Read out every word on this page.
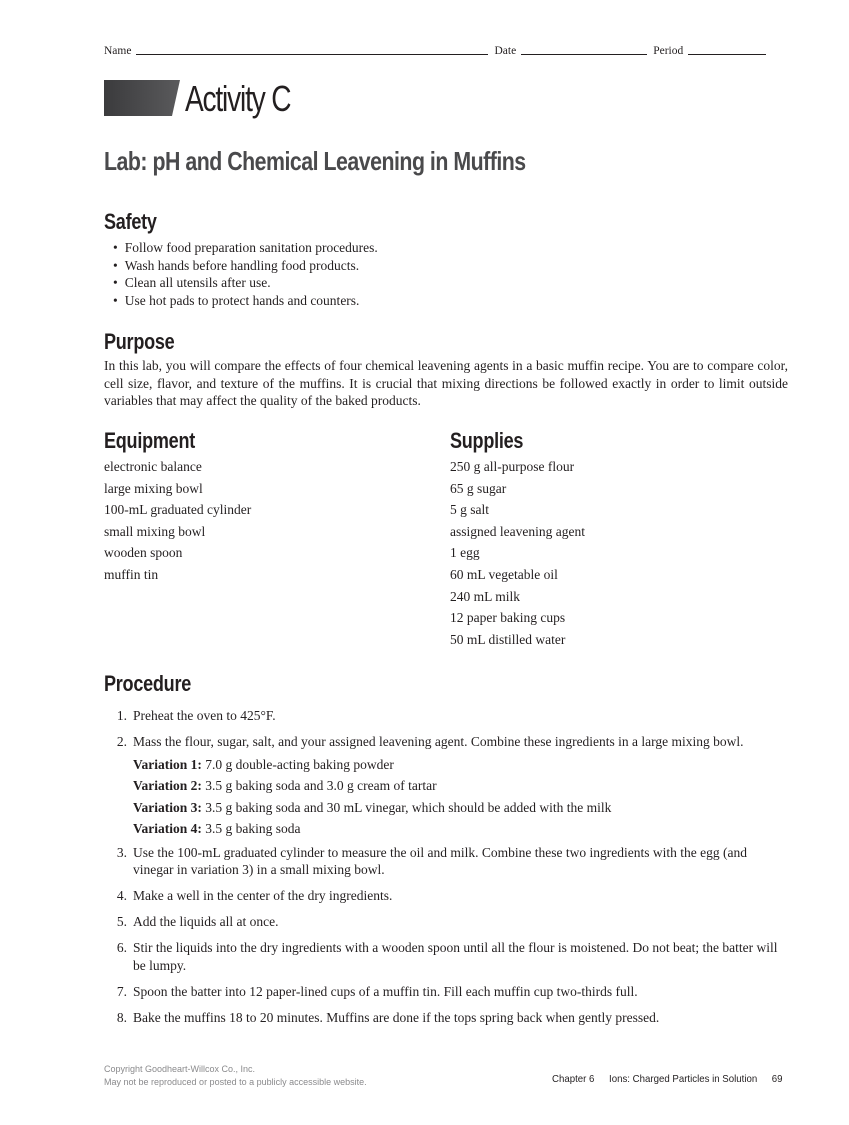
Name	Date	Period
Activity C
Lab: pH and Chemical Leavening in Muffins
Safety
• Follow food preparation sanitation procedures.
• Wash hands before handling food products.
• Clean all utensils after use.
• Use hot pads to protect hands and counters.
Purpose
In this lab, you will compare the effects of four chemical leavening agents in a basic muffin recipe. You are to compare color, cell size, flavor, and texture of the muffins. It is crucial that mixing directions be followed exactly in order to limit outside variables that may affect the quality of the baked products.
Equipment
electronic balance
large mixing bowl
100-mL graduated cylinder
small mixing bowl
wooden spoon
muffin tin
Supplies
250 g all-purpose flour
65 g sugar
5 g salt
assigned leavening agent
1 egg
60 mL vegetable oil
240 mL milk
12 paper baking cups
50 mL distilled water
Procedure
1. Preheat the oven to 425°F.
2. Mass the flour, sugar, salt, and your assigned leavening agent. Combine these ingredients in a large mixing bowl.
Variation 1: 7.0 g double-acting baking powder
Variation 2: 3.5 g baking soda and 3.0 g cream of tartar
Variation 3: 3.5 g baking soda and 30 mL vinegar, which should be added with the milk
Variation 4: 3.5 g baking soda
3. Use the 100-mL graduated cylinder to measure the oil and milk. Combine these two ingredients with the egg (and vinegar in variation 3) in a small mixing bowl.
4. Make a well in the center of the dry ingredients.
5. Add the liquids all at once.
6. Stir the liquids into the dry ingredients with a wooden spoon until all the flour is moistened. Do not beat; the batter will be lumpy.
7. Spoon the batter into 12 paper-lined cups of a muffin tin. Fill each muffin cup two-thirds full.
8. Bake the muffins 18 to 20 minutes. Muffins are done if the tops spring back when gently pressed.
Copyright Goodheart-Willcox Co., Inc.
May not be reproduced or posted to a publicly accessible website.	Chapter 6 Ions: Charged Particles in Solution 69
